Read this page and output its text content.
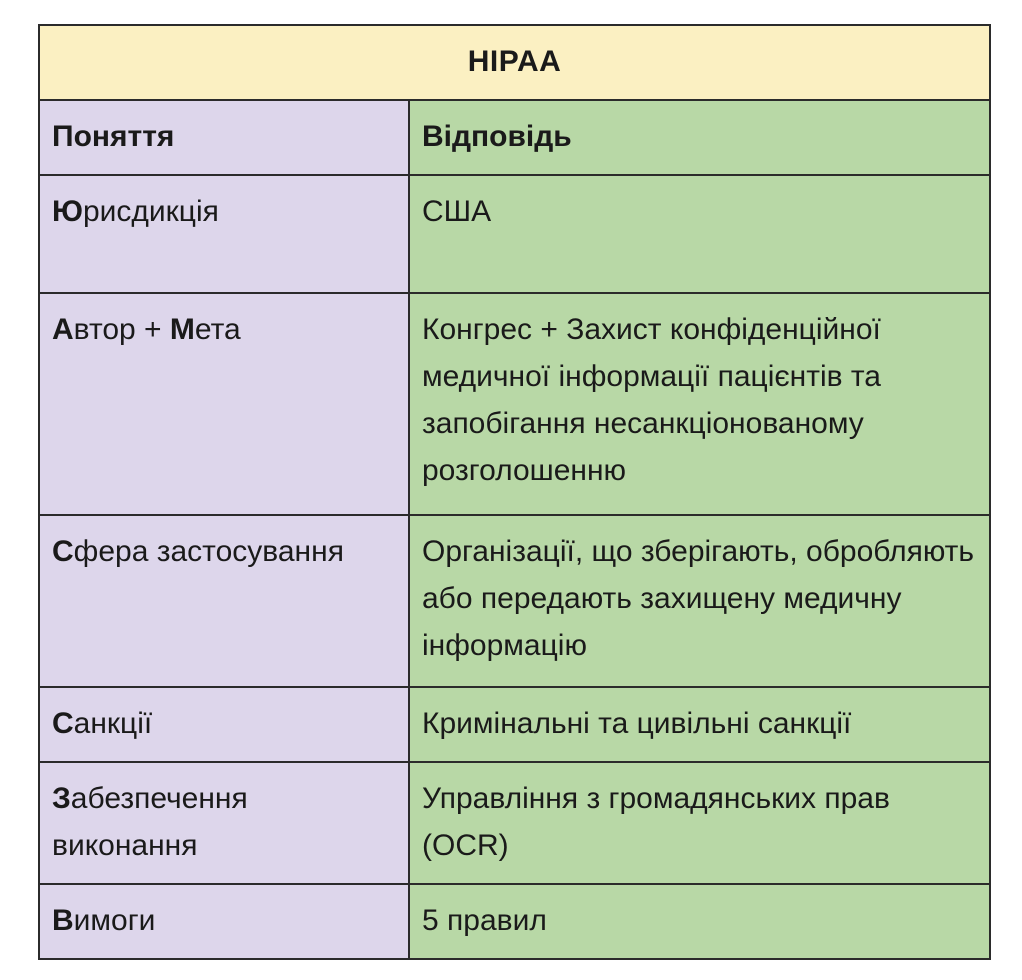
HIPAA	
Поняття	Відповідь
Юрисдикція	США
Автор + Мета	Конгрес + Захист конфіденційної медичної інформації пацієнтів та запобігання несанкціонованому розголошенню
Сфера застосування	Організації, що зберігають, обробляють або передають захищену медичну інформацію
Санкції	Кримінальні та цивільні санкції
Забезпечення виконання	Управління з громадянських прав (OCR)
Вимоги	5 правил
